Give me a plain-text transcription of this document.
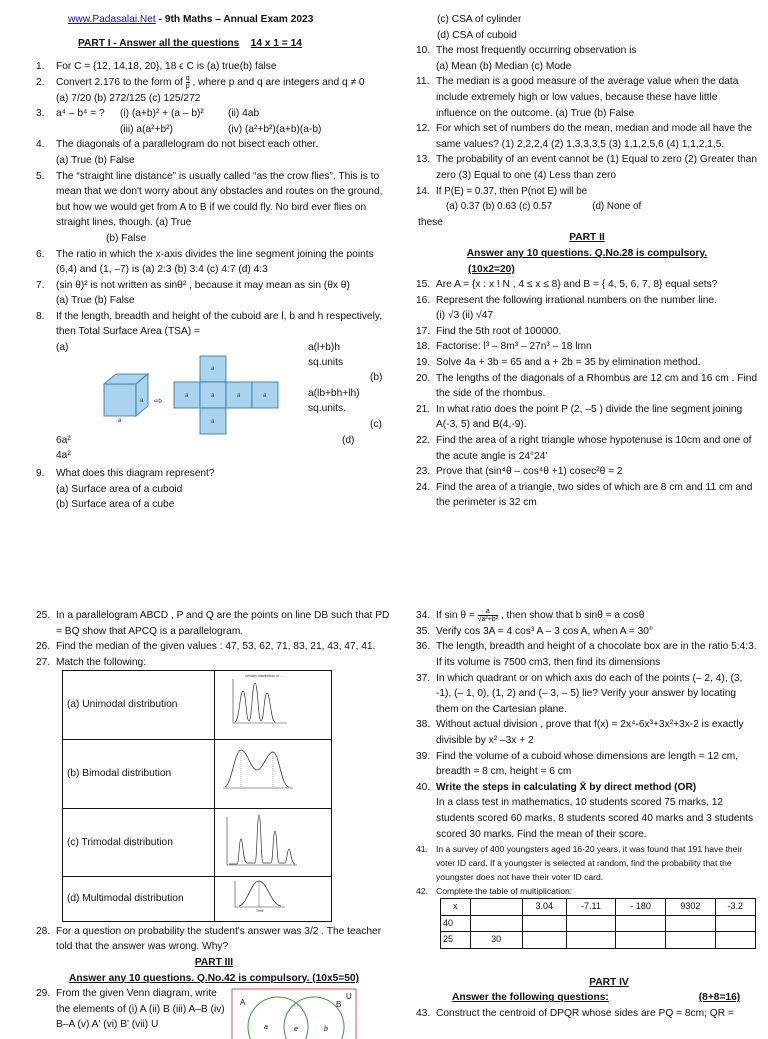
www.Padasalai.Net - 9th Maths – Annual Exam 2023
PART I - Answer all the questions 14 x 1 = 14
1. For C = {12, 14,18, 20}, 18 ϵ C is (a) true(b) false
2. Convert 2.176 to the form of $\frac{q}{p}$ , where p and q are integers and q ≠ 0
(a) 7/20 (b) 272/125 (c) 125/272
3. a⁴ – b⁴ = ? (i) (a+b)² + (a – b)² (ii) 4ab
(iii) a(a²+b²)	(iv) (a²+b²)(a+b)(a-b)
4. The diagonals of a parallelogram do not bisect each other.
(a) True (b) False
5. The “straight line distance” is usually called “as the crow flies”. This is to mean that we don't worry about any obstacles and routes on the ground, but how we would get from A to B if we could fly. No bird ever flies on straight lines, though. (a) True
(b) False
6. The ratio in which the x-axis divides the line segment joining the points (6,4) and (1, –7) is (a) 2:3 (b) 3:4 (c) 4:7 (d) 4:3
7. (sin θ)² is not written as sinθ² , because it may mean as sin (θx θ)
(a) True (b) False
8. If the length, breadth and height of the cuboid are l, b and h respectively, then Total Surface Area (TSA) =
(a)	a(l+b)h
sq.units
(b)
a(lb+bh+lh)
sq.units.
(c)
(d)
6a²
4a²
a
a
⇨
a
a	a	a	a
a
9. What does this diagram represent?
(a) Surface area of a cuboid
(b) Surface area of a cube
(c) CSA of cylinder
(d) CSA of cuboid
10. The most frequently occurring observation is
(a) Mean (b) Median (c) Mode
11. The median is a good measure of the average value when the data include extremely high or low values, because these have little influence on the outcome. (a) True (b) False
12. For which set of numbers do the mean, median and mode all have the same values? (1) 2,2,2,4 (2) 1,3,3,3,5 (3) 1,1,2,5,6 (4) 1,1,2,1,5.
13. The probability of an event cannot be (1) Equal to zero (2) Greater than zero (3) Equal to one (4) Less than zero
14. If P(E) = 0.37, then P(not E) will be
(a) 0.37 (b) 0.63 (c) 0.57	(d) None of
these
PART II
Answer any 10 questions. Q.No.28 is compulsory.
(10x2=20)
15. Are A = {x : x ! N , 4 ≤ x ≤ 8} and B = { 4, 5, 6, 7, 8} equal sets?
16. Represent the following irrational numbers on the number line.
(i) √3 (ii) √47
17. Find the 5th root of 100000.
18. Factorise: l³ – 8m³ – 27n³ – 18 lmn
19. Solve 4a + 3b = 65 and a + 2b = 35 by elimination method.
20. The lengths of the diagonals of a Rhombus are 12 cm and 16 cm . Find the side of the rhombus.
21. In what ratio does the point P (2, –5 ) divide the line segment joining A(-3, 5) and B(4,-9).
22. Find the area of a right triangle whose hypotenuse is 10cm and one of the acute angle is 24°24'
23. Prove that (sin⁴θ – cos⁴θ +1) cosec²θ = 2
24. Find the area of a triangle, two sides of which are 8 cm and 11 cm and the perimeter is 32 cm
25. In a parallelogram ABCD , P and Q are the points on line DB such that PD = BQ show that APCQ is a parallelogram.
26. Find the median of the given values : 47, 53, 62, 71, 83, 21, 43, 47, 41.
27. Match the following:
(a) Unimodal distribution	Velocity distribution of ...

(b) Bimodal distribution	
(c) Trimodal distribution	
(d) Multimodal distribution	Time
28. For a question on probability the student's answer was 3/2 . The teacher told that the answer was wrong. Why?
PART III
Answer any 10 questions. Q.No.42 is compulsory. (10x5=50)
29. From the given Venn diagram, write the elements of (i) A (ii) B (iii) A–B (iv) B–A (v) A' (vi) B' (vii) U
U
A	B
a	e	b
34. If $\sin \theta = \frac{a}{\text{√a²+b²}}$ , then show that b sinθ = a cosθ
35. Verify cos 3A = 4 cos³ A – 3 cos A, when A = 30°
36. The length, breadth and height of a chocolate box are in the ratio 5:4:3. If its volume is 7500 cm3, then find its dimensions
37. In which quadrant or on which axis do each of the points (– 2, 4), (3, -1), (– 1, 0), (1, 2) and (– 3, – 5) lie? Verify your answer by locating them on the Cartesian plane.
38. Without actual division , prove that f(x) = 2x⁴-6x³+3x²+3x-2 is exactly divisible by x² –3x + 2
39. Find the volume of a cuboid whose dimensions are length = 12 cm, breadth = 8 cm, height = 6 cm
40. Write the steps in calculating X̄ by direct method (OR)
In a class test in mathematics, 10 students scored 75 marks, 12 students scored 60 marks, 8 students scored 40 marks and 3 students scored 30 marks. Find the mean of their score.
41. In a survey of 400 youngsters aged 16-20 years, it was found that 191 have their voter ID card. If a youngster is selected at random, find the probability that the youngster does not have their voter ID card.
42. Complete the table of multiplication:
x		3.04	-7.11	- 180	9302	-3.2
40						
25	30					
PART IV
Answer the following questions:	(8+8=16)
43. Construct the centroid of DPQR whose sides are PQ = 8cm; QR =
